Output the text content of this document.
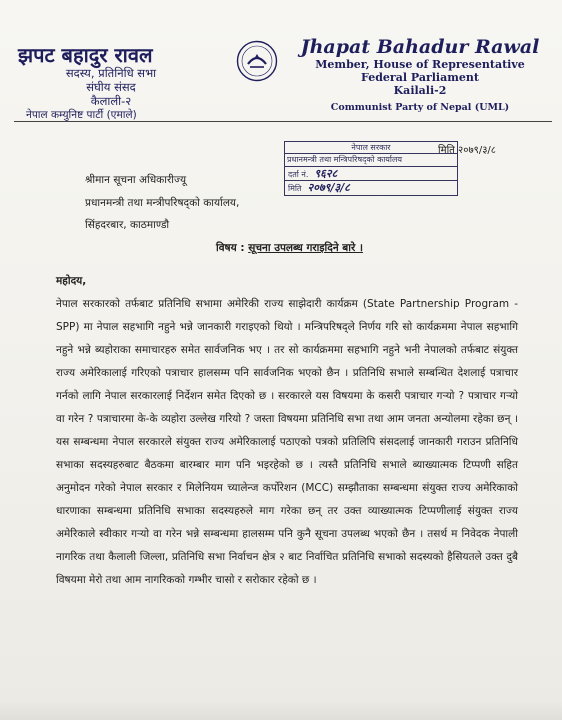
झपट बहादुर रावल
सदस्य, प्रतिनिधि सभा
संघीय संसद
कैलाली-२
नेपाल कम्युनिष्ट पार्टी (एमाले)
Jhapat Bahadur Rawal
Member, House of Representative
Federal Parliament
Kailali-2
Communist Party of Nepal (UML)
नेपाल सरकार
प्रधानमन्त्री तथा मन्त्रिपरिषद्को कार्यालय
दर्ता नं. ९६२८
मिति २०७९/३/८
मिति २०७९/३/८
श्रीमान सूचना अधिकारीज्यू
प्रधानमन्त्री तथा मन्त्रीपरिषद्को कार्यालय,
सिंहदरबार, काठमाण्डौ
विषय : सूचना उपलब्ध गराइदिने बारे ।
महोदय,
नेपाल सरकारको तर्फबाट प्रतिनिधि सभामा अमेरिकी राज्य साझेदारी कार्यक्रम (State Partnership Program - SPP) मा नेपाल सहभागि नहुने भन्ने जानकारी गराइएको थियो । मन्त्रिपरिषद्ले निर्णय गरि सो कार्यक्रममा नेपाल सहभागि नहुने भन्ने ब्यहोराका समाचारहरु समेत सार्वजनिक भए । तर सो कार्यक्रममा सहभागि नहुने भनी नेपालको तर्फबाट संयुक्त राज्य अमेरिकालाई गरिएको पत्राचार हालसम्म पनि सार्वजनिक भएको छैन । प्रतिनिधि सभाले सम्बन्धित देशलाई पत्राचार गर्नको लागि नेपाल सरकारलाई निर्देशन समेत दिएको छ । सरकारले यस विषयमा के कसरी पत्राचार गऱ्यो ? पत्राचार गऱ्यो वा गरेन ? पत्राचारमा के-के व्यहोरा उल्लेख गरियो ? जस्ता विषयमा प्रतिनिधि सभा तथा आम जनता अन्योलमा रहेका छन् । यस सम्बन्धमा नेपाल सरकारले संयुक्त राज्य अमेरिकालाई पठाएको पत्रको प्रतिलिपि संसदलाई जानकारी गराउन प्रतिनिधि सभाका सदस्यहरुबाट बैठकमा बारम्बार माग पनि भइरहेको छ । त्यस्तै प्रतिनिधि सभाले ब्याख्यात्मक टिप्पणी सहित अनुमोदन गरेको नेपाल सरकार र मिलेनियम च्यालेन्ज कर्पोरेशन (MCC) सम्झौताका सम्बन्धमा संयुक्त राज्य अमेरिकाको धारणाका सम्बन्धमा प्रतिनिधि सभाका सदस्यहरुले माग गरेका छन् तर उक्त व्याख्यात्मक टिप्पणीलाई संयुक्त राज्य अमेरिकाले स्वीकार गऱ्यो वा गरेन भन्ने सम्बन्धमा हालसम्म पनि कुनै सूचना उपलब्ध भएको छैन । तसर्थ म निवेदक नेपाली नागरिक तथा कैलाली जिल्ला, प्रतिनिधि सभा निर्वाचन क्षेत्र २ बाट निर्वाचित प्रतिनिधि सभाको सदस्यको हैसियतले उक्त दुबै विषयमा मेरो तथा आम नागरिकको गम्भीर चासो र सरोकार रहेको छ ।
